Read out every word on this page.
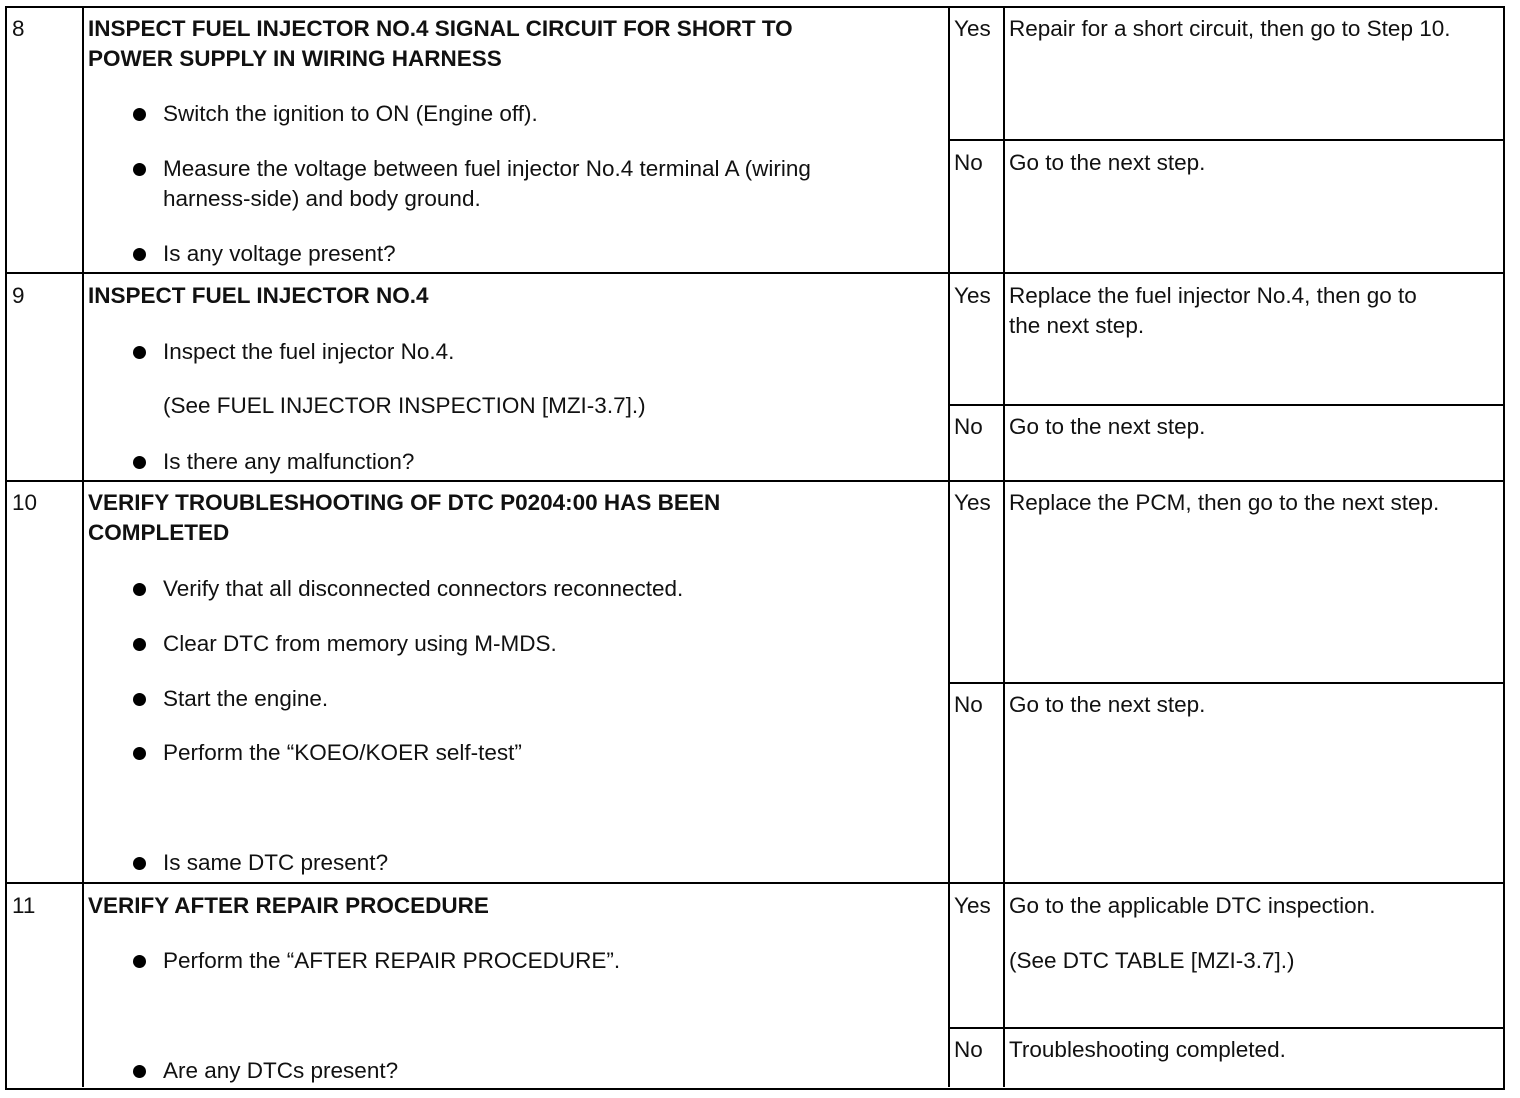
8	INSPECT FUEL INJECTOR NO.4 SIGNAL CIRCUIT FOR SHORT TO
POWER SUPPLY IN WIRING HARNESS
Switch the ignition to ON (Engine off).
Measure the voltage between fuel injector No.4 terminal A (wiring
harness-side) and body ground.
Is any voltage present?
Yes Repair for a short circuit, then go to Step 10.
No Go to the next step.
9	INSPECT FUEL INJECTOR NO.4
Inspect the fuel injector No.4.
(See FUEL INJECTOR INSPECTION [MZI-3.7].)
Is there any malfunction?
Yes Replace the fuel injector No.4, then go to
the next step.
No Go to the next step.
10 VERIFY TROUBLESHOOTING OF DTC P0204:00 HAS BEEN
COMPLETED
Verify that all disconnected connectors reconnected.
Clear DTC from memory using M-MDS.
Start the engine.
Perform the “KOEO/KOER self-test”
Is same DTC present?
Yes Replace the PCM, then go to the next step.
No Go to the next step.
11 VERIFY AFTER REPAIR PROCEDURE
Perform the “AFTER REPAIR PROCEDURE”.
Are any DTCs present?
Yes Go to the applicable DTC inspection.
(See DTC TABLE [MZI-3.7].)
No Troubleshooting completed.
